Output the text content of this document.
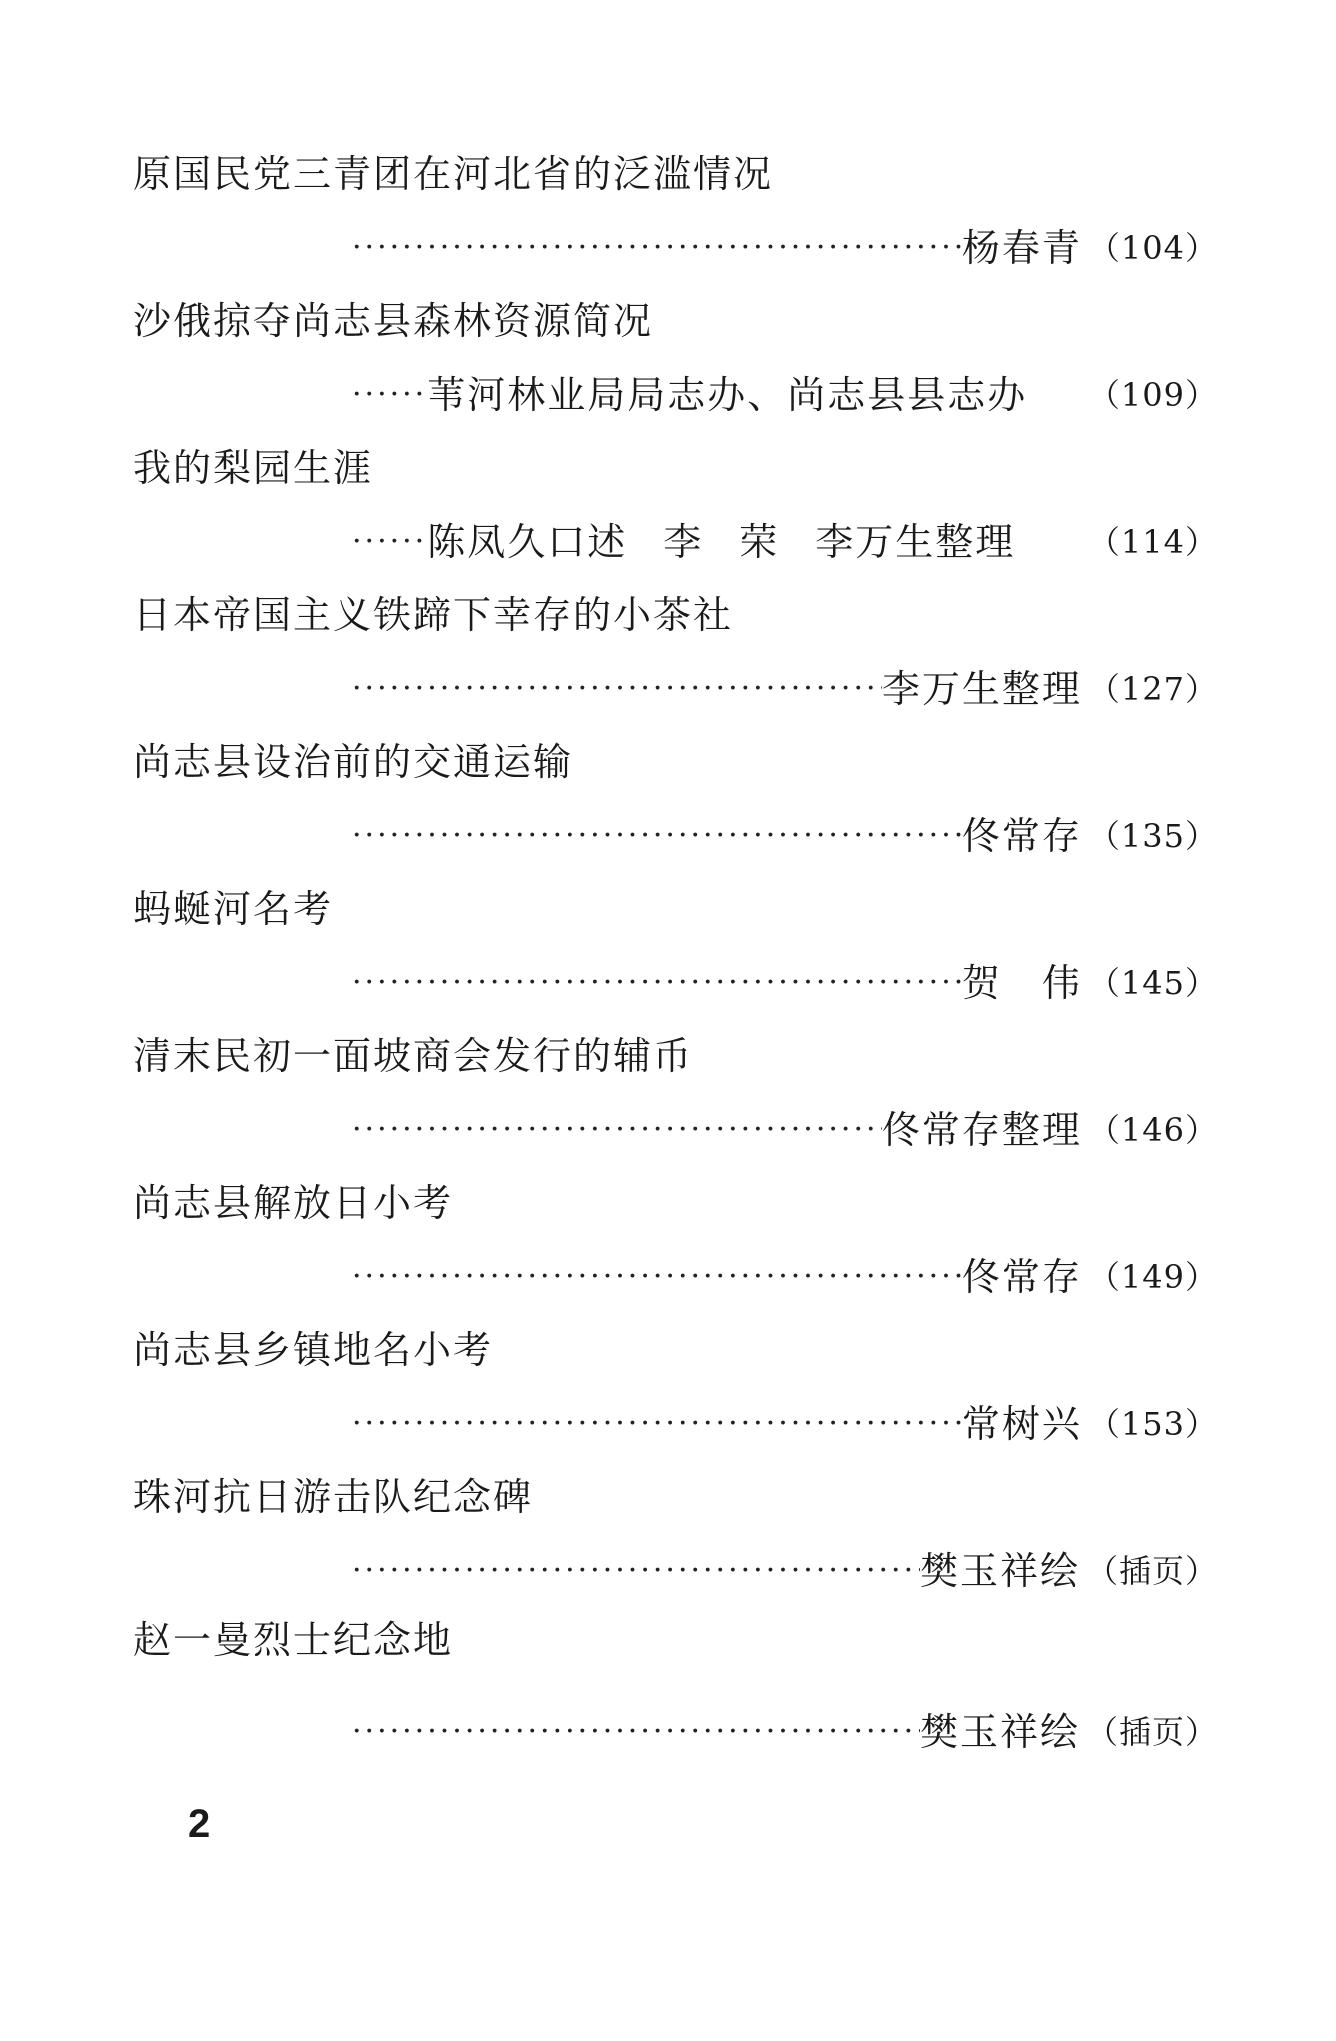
原国民党三青团在河北省的泛滥情况
·····
杨春青 （104）
沙俄掠夺尚志县森林资源简况
······
苇河林业局局志办、尚志县县志办	（109）
我的梨园生涯
······
陈凤久口述 李 荣 李万生整理	（114）
日本帝国主义铁蹄下幸存的小茶社
·····
李万生整理 （127）
尚志县设治前的交通运输
·····
佟常存 （135）
蚂蜒河名考
·····
贺　伟 （145）
清末民初一面坡商会发行的辅币
·····
佟常存整理 （146）
尚志县解放日小考
·····
佟常存 （149）
尚志县乡镇地名小考
·····
常树兴 （153）
珠河抗日游击队纪念碑
·····
樊玉祥绘 （插页）
赵一曼烈士纪念地
·····
樊玉祥绘 （插页）
2
